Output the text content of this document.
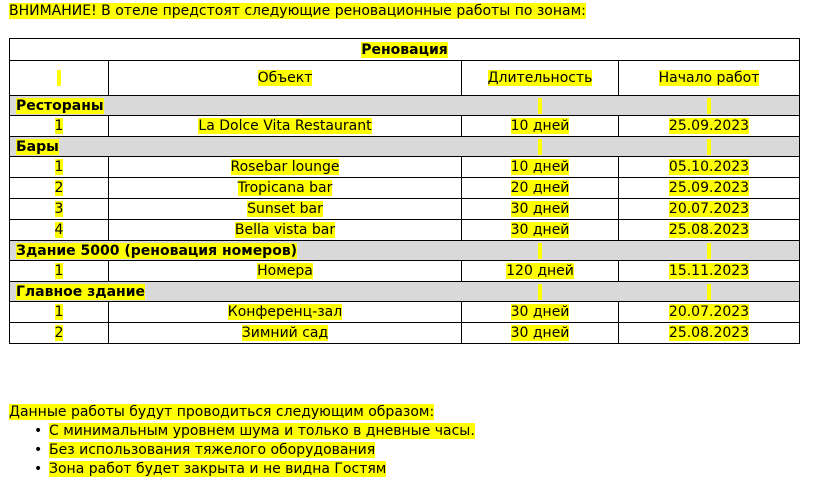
ВНИМАНИЕ! В отеле предстоят следующие реновационные работы по зонам:
Реновация			
	Объект	Длительность	Начало работ
Рестораны			
1	La Dolce Vita Restaurant	10 дней	25.09.2023
Бары			
1	Rosebar lounge	10 дней	05.10.2023
2	Tropicana bar	20 дней	25.09.2023
3	Sunset bar	30 дней	20.07.2023
4	Bella vista bar	30 дней	25.08.2023
Здание 5000 (реновация номеров)			
1	Номера	120 дней	15.11.2023
Главное здание			
1	Конференц-зал	30 дней	20.07.2023
2	Зимний сад	30 дней	25.08.2023
Данные работы будут проводиться следующим образом:
• С минимальным уровнем шума и только в дневные часы.
• Без использования тяжелого оборудования
• Зона работ будет закрыта и не видна Гостям
